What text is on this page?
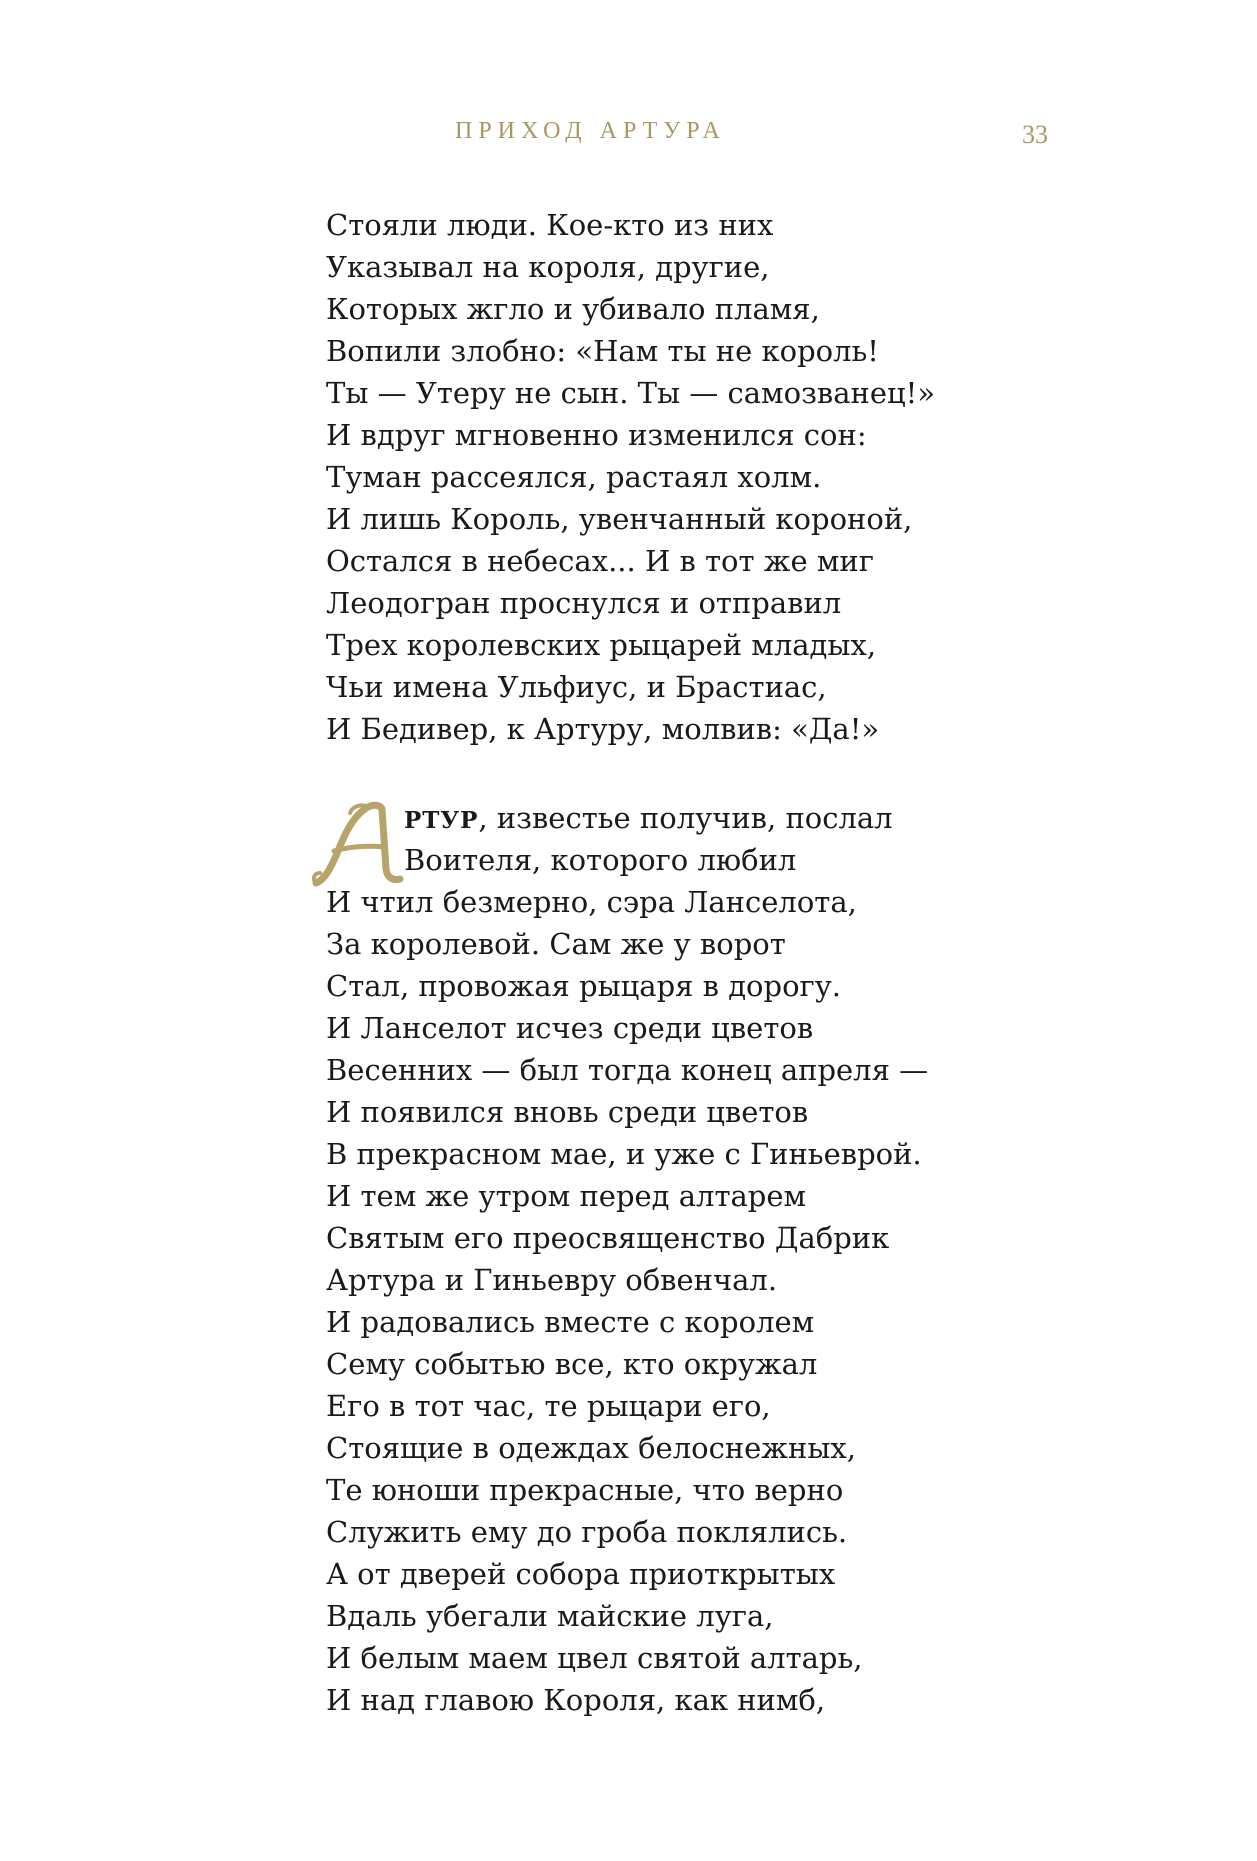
ПРИХОД АРТУРА	33
Стояли люди. Кое-кто из них
Указывал на короля, другие,
Которых жгло и убивало пламя,
Вопили злобно: «Нам ты не король!
Ты — Утеру не сын. Ты — самозванец!»
И вдруг мгновенно изменился сон:
Туман рассеялся, растаял холм.
И лишь Король, увенчанный короной,
Остался в небесах... И в тот же миг
Леодогран проснулся и отправил
Трех королевских рыцарей младых,
Чьи имена Ульфиус, и Брастиас,
И Бедивер, к Артуру, молвив: «Да!»
РТУР, известье получив, послал
Воителя, которого любил
И чтил безмерно, сэра Ланселота,
За королевой. Сам же у ворот
Стал, провожая рыцаря в дорогу.
И Ланселот исчез среди цветов
Весенних — был тогда конец апреля —
И появился вновь среди цветов
В прекрасном мае, и уже с Гиньеврой.
И тем же утром перед алтарем
Святым его преосвященство Дабрик
Артура и Гиньевру обвенчал.
И радовались вместе с королем
Сему событью все, кто окружал
Его в тот час, те рыцари его,
Стоящие в одеждах белоснежных,
Те юноши прекрасные, что верно
Служить ему до гроба поклялись.
А от дверей собора приоткрытых
Вдаль убегали майские луга,
И белым маем цвел святой алтарь,
И над главою Короля, как нимб,
